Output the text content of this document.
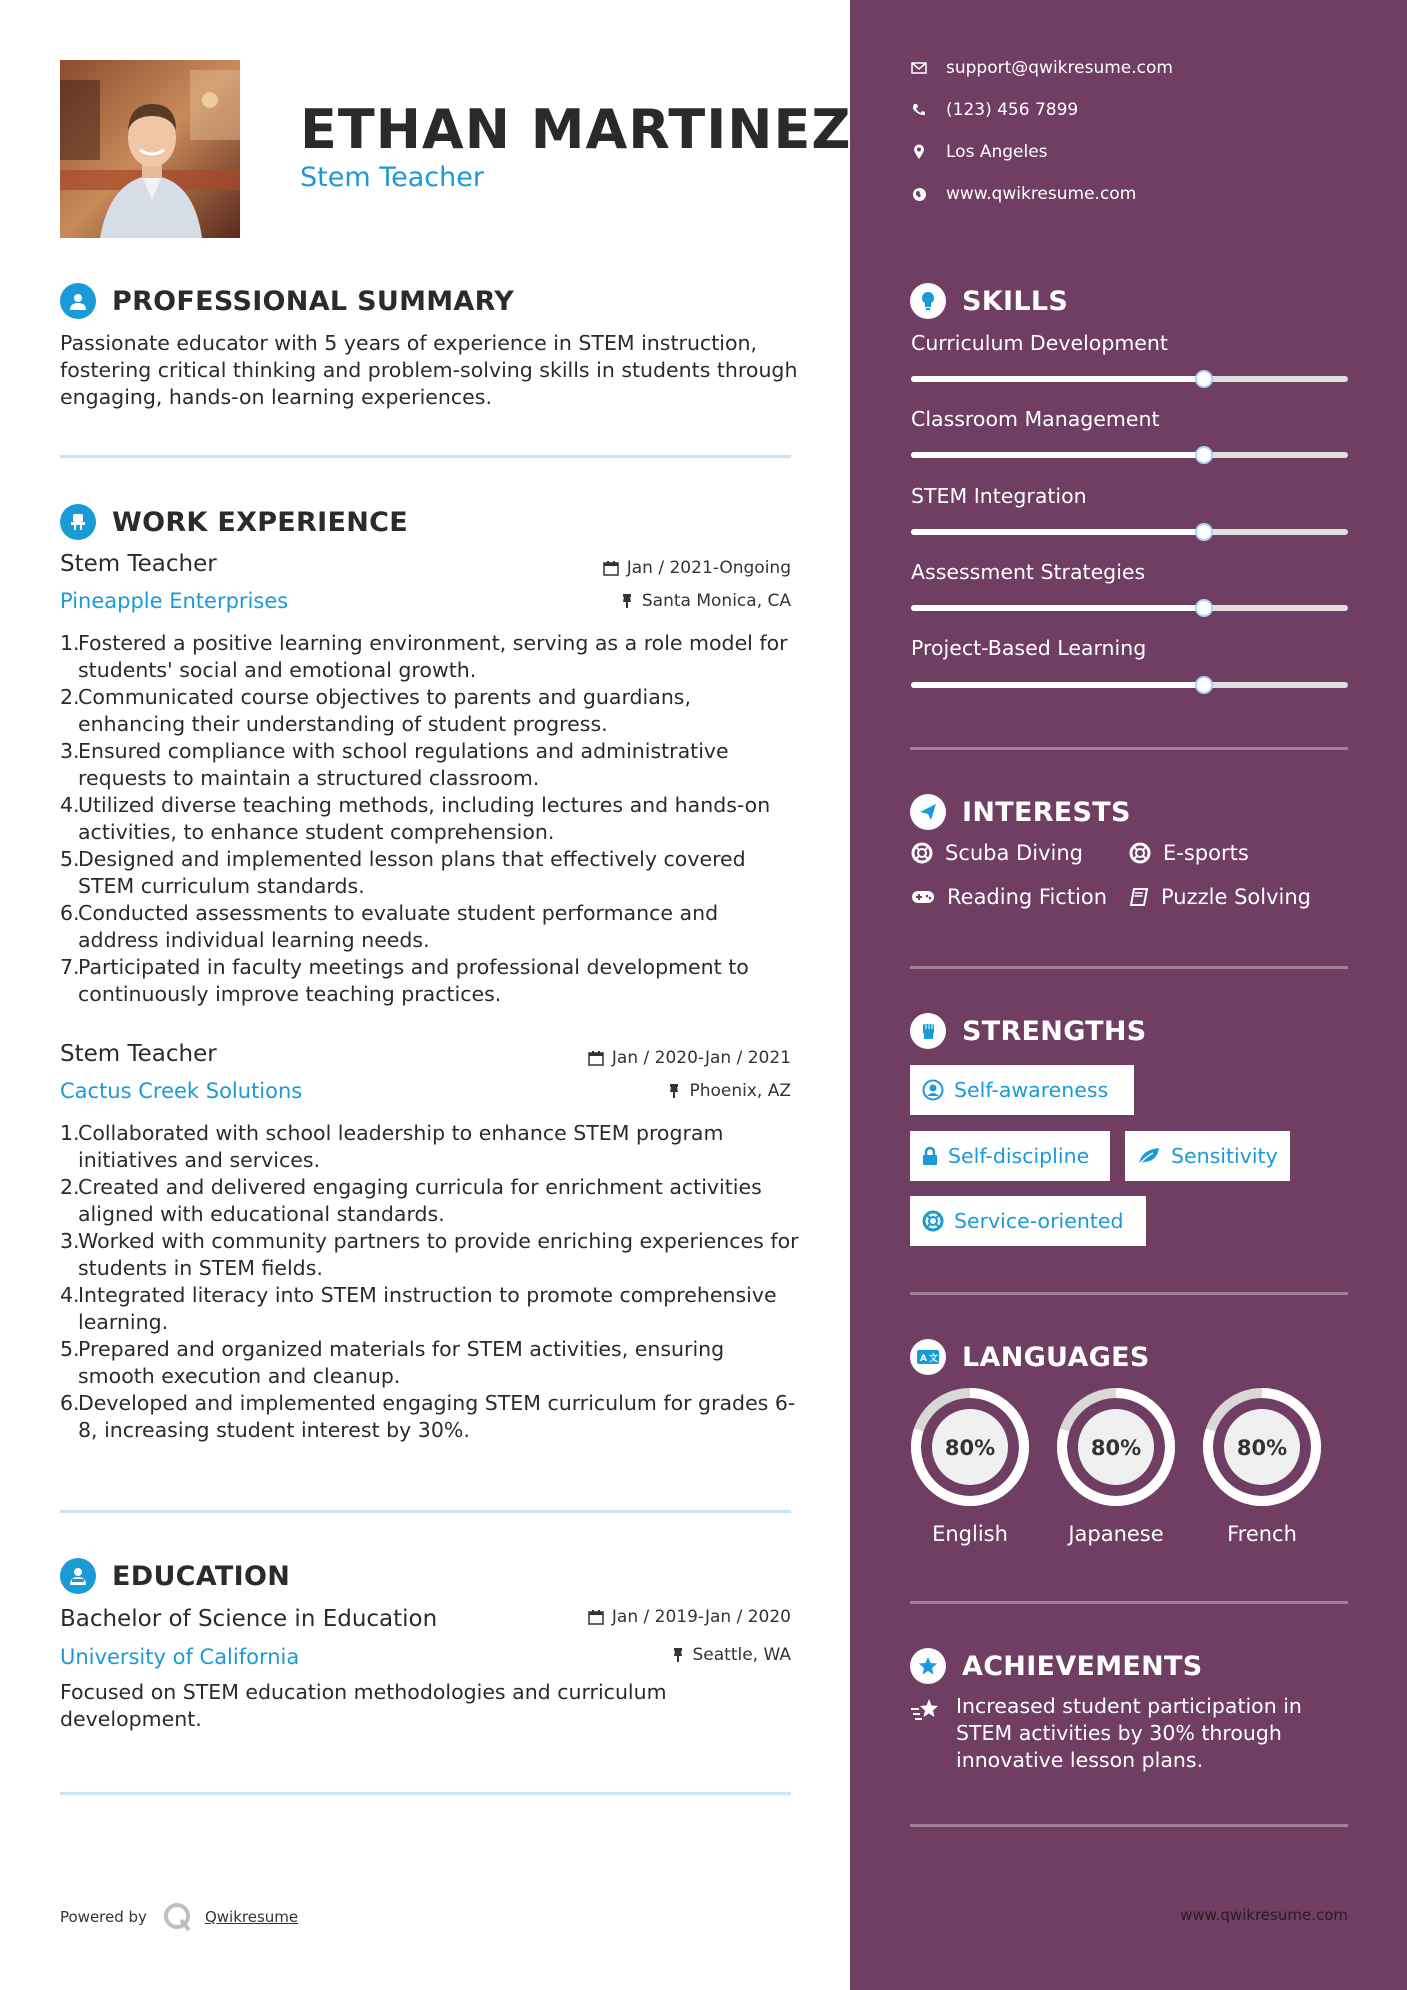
ETHAN MARTINEZ
Stem Teacher
PROFESSIONAL SUMMARY
Passionate educator with 5 years of experience in STEM instruction, fostering critical thinking and problem-solving skills in students through engaging, hands-on learning experiences.
WORK EXPERIENCE
Stem Teacher
Pineapple Enterprises
Jan / 2021-Ongoing
Santa Monica, CA
1.
Fostered a positive learning environment, serving as a role model for students' social and emotional growth.
2.
Communicated course objectives to parents and guardians, enhancing their understanding of student progress.
3.
Ensured compliance with school regulations and administrative requests to maintain a structured classroom.
4.
Utilized diverse teaching methods, including lectures and hands-on activities, to enhance student comprehension.
5.
Designed and implemented lesson plans that effectively covered STEM curriculum standards.
6.
Conducted assessments to evaluate student performance and address individual learning needs.
7.
Participated in faculty meetings and professional development to continuously improve teaching practices.
Stem Teacher
Cactus Creek Solutions
Jan / 2020-Jan / 2021
Phoenix, AZ
1.
Collaborated with school leadership to enhance STEM program initiatives and services.
2.
Created and delivered engaging curricula for enrichment activities aligned with educational standards.
3.
Worked with community partners to provide enriching experiences for students in STEM fields.
4.
Integrated literacy into STEM instruction to promote comprehensive learning.
5.
Prepared and organized materials for STEM activities, ensuring smooth execution and cleanup.
6.
Developed and implemented engaging STEM curriculum for grades 6-8, increasing student interest by 30%.
EDUCATION
Bachelor of Science in Education
University of California
Jan / 2019-Jan / 2020
Seattle, WA
Focused on STEM education methodologies and curriculum development.
Powered by	Qwikresume
support@qwikresume.com
(123) 456 7899
Los Angeles
www.qwikresume.com
SKILLS
Curriculum Development
Classroom Management
STEM Integration
Assessment Strategies
Project-Based Learning
INTERESTS
Scuba Diving	E-sports
Reading Fiction	Puzzle Solving
STRENGTHS
Self-awareness
Self-discipline	Sensitivity
Service-oriented
A 文 LANGUAGES
80%	80%	80%
English	Japanese	French
ACHIEVEMENTS
Increased student participation in STEM activities by 30% through innovative lesson plans.
www.qwikresume.com
